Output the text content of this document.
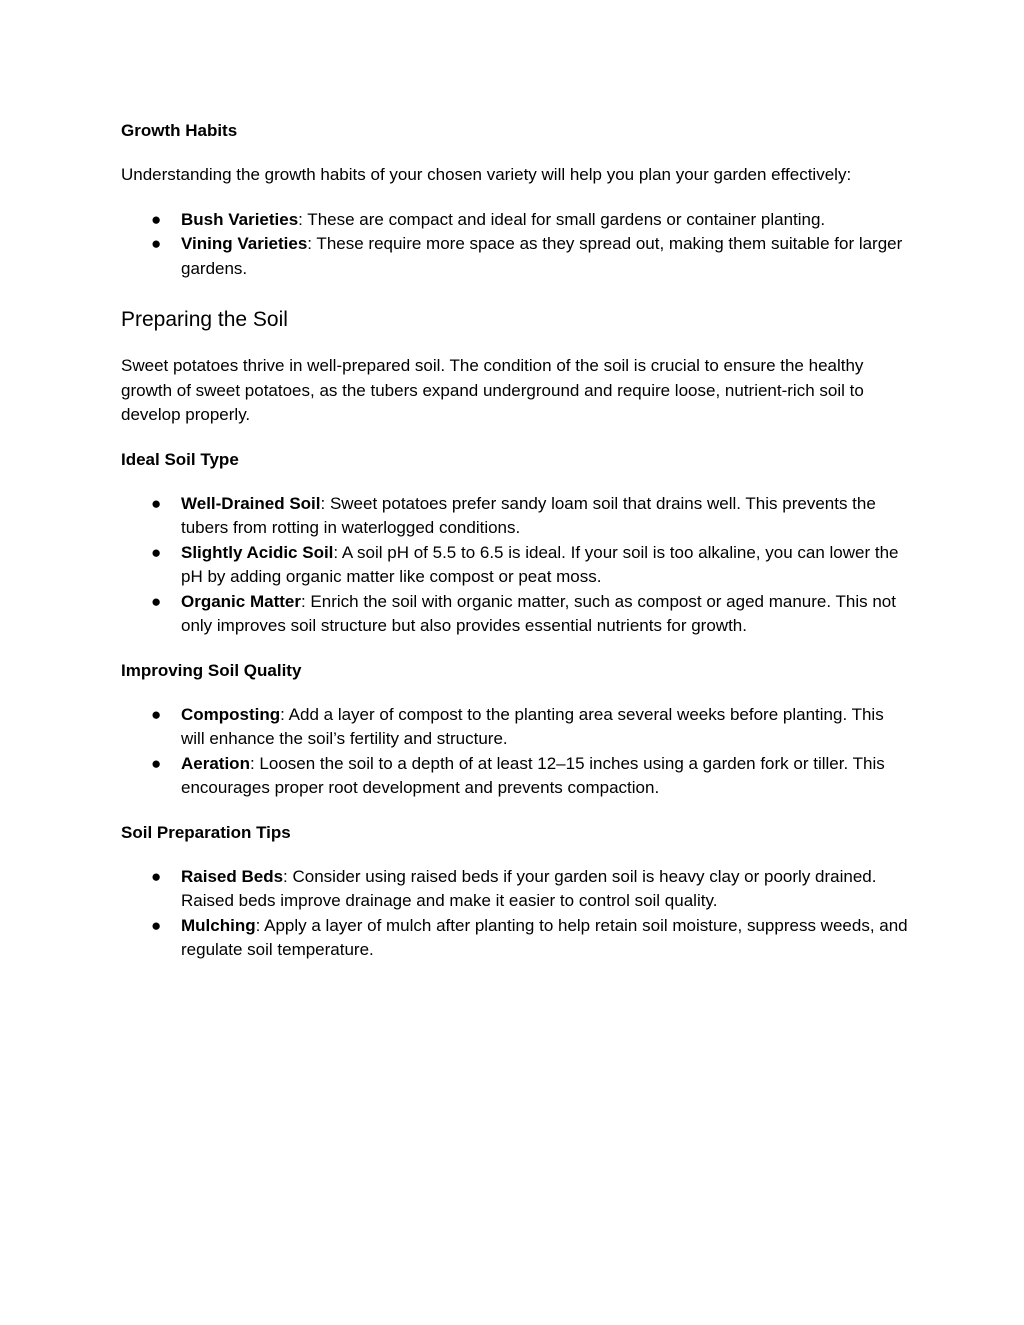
Growth Habits

Understanding the growth habits of your chosen variety will help you plan your garden effectively:

● Bush Varieties: These are compact and ideal for small gardens or container planting.
● Vining Varieties: These require more space as they spread out, making them suitable for larger gardens.
Preparing the Soil

Sweet potatoes thrive in well-prepared soil. The condition of the soil is crucial to ensure the healthy growth of sweet potatoes, as the tubers expand underground and require loose, nutrient-rich soil to develop properly.

Ideal Soil Type
● Well-Drained Soil: Sweet potatoes prefer sandy loam soil that drains well. This prevents the tubers from rotting in waterlogged conditions.
● Slightly Acidic Soil: A soil pH of 5.5 to 6.5 is ideal. If your soil is too alkaline, you can lower the pH by adding organic matter like compost or peat moss.
● Organic Matter: Enrich the soil with organic matter, such as compost or aged manure. This not only improves soil structure but also provides essential nutrients for growth.
Improving Soil Quality
● Composting: Add a layer of compost to the planting area several weeks before planting. This will enhance the soil’s fertility and structure.
● Aeration: Loosen the soil to a depth of at least 12–15 inches using a garden fork or tiller. This encourages proper root development and prevents compaction.
Soil Preparation Tips
● Raised Beds: Consider using raised beds if your garden soil is heavy clay or poorly drained. Raised beds improve drainage and make it easier to control soil quality.
● Mulching: Apply a layer of mulch after planting to help retain soil moisture, suppress weeds, and regulate soil temperature.
